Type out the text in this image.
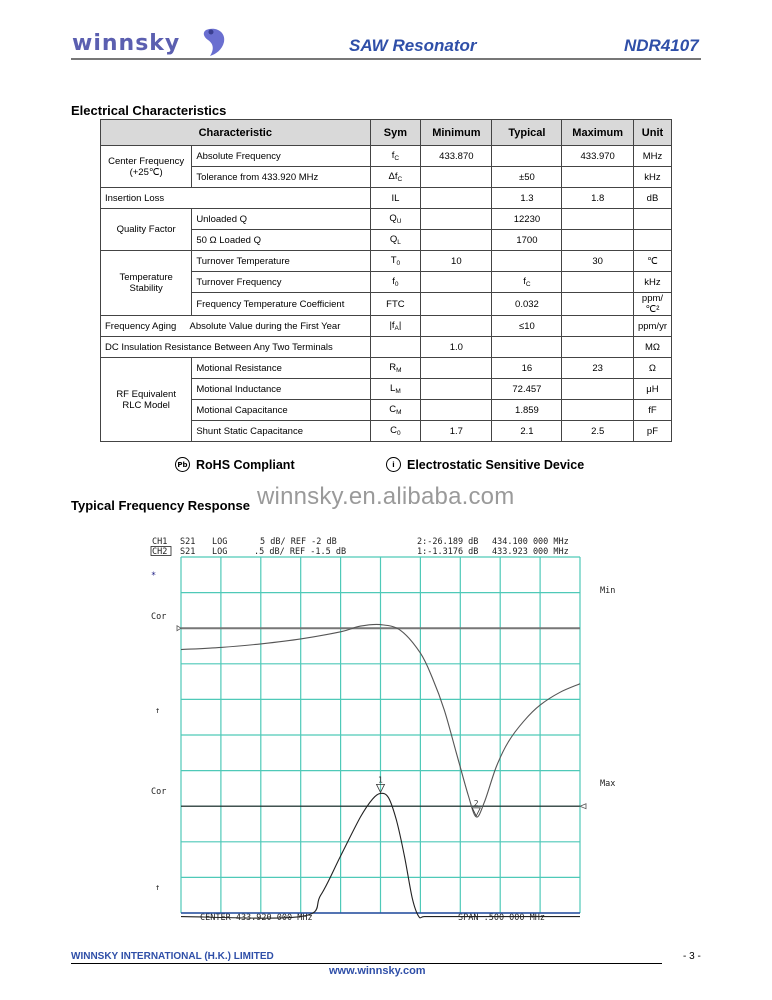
winnsky	SAW Resonator	NDR4107
Electrical Characteristics
Characteristic		Sym	Minimum	Typical	Maximum	Unit
Center Frequency
(+25℃)	Absolute Frequency	$f_C$	433.870		433.970	MHz
	Tolerance from 433.920 MHz	$\Delta f_C$		±50		kHz
Insertion Loss		IL		1.3	1.8	dB
Quality Factor	Unloaded Q	$Q_U$		12230		
	50 Ω Loaded Q	$Q_L$		1700		
Temperature
Stability	Turnover Temperature	$T_0$	10		30	℃
	Turnover Frequency	$f_0$		$f_C$		kHz
	Frequency Temperature Coefficient	FTC		0.032		ppm/℃²
Frequency Aging Absolute Value during the First Year		$|f_A|$		≤10		ppm/yr
DC Insulation Resistance Between Any Two Terminals			1.0			MΩ
RF Equivalent
RLC Model	Motional Resistance	$R_M$		16	23	Ω
	Motional Inductance	$L_M$		72.457		μH
	Motional Capacitance	$C_M$		1.859		fF
	Shunt Static Capacitance	$C_0$	1.7	2.1	2.5	pF
Pb RoHS Compliant	i Electrostatic Sensitive Device
Typical Frequency Response winnsky.en.alibaba.com
CH1 S21 LOG	5 dB/ REF -2 dB	2:-26.189 dB 434.100 000 MHz
CH2 S21 LOG	.5 dB/ REF -1.5 dB	1:-1.3176 dB 433.923 000 MHz
*
Cor
↑
Cor
↑
Min
Max
CENTER 433.920 000 MHz	SPAN .500 000 MHz
1
2
WINNSKY INTERNATIONAL (H.K.) LIMITED	- 3 -
www.winnsky.com
